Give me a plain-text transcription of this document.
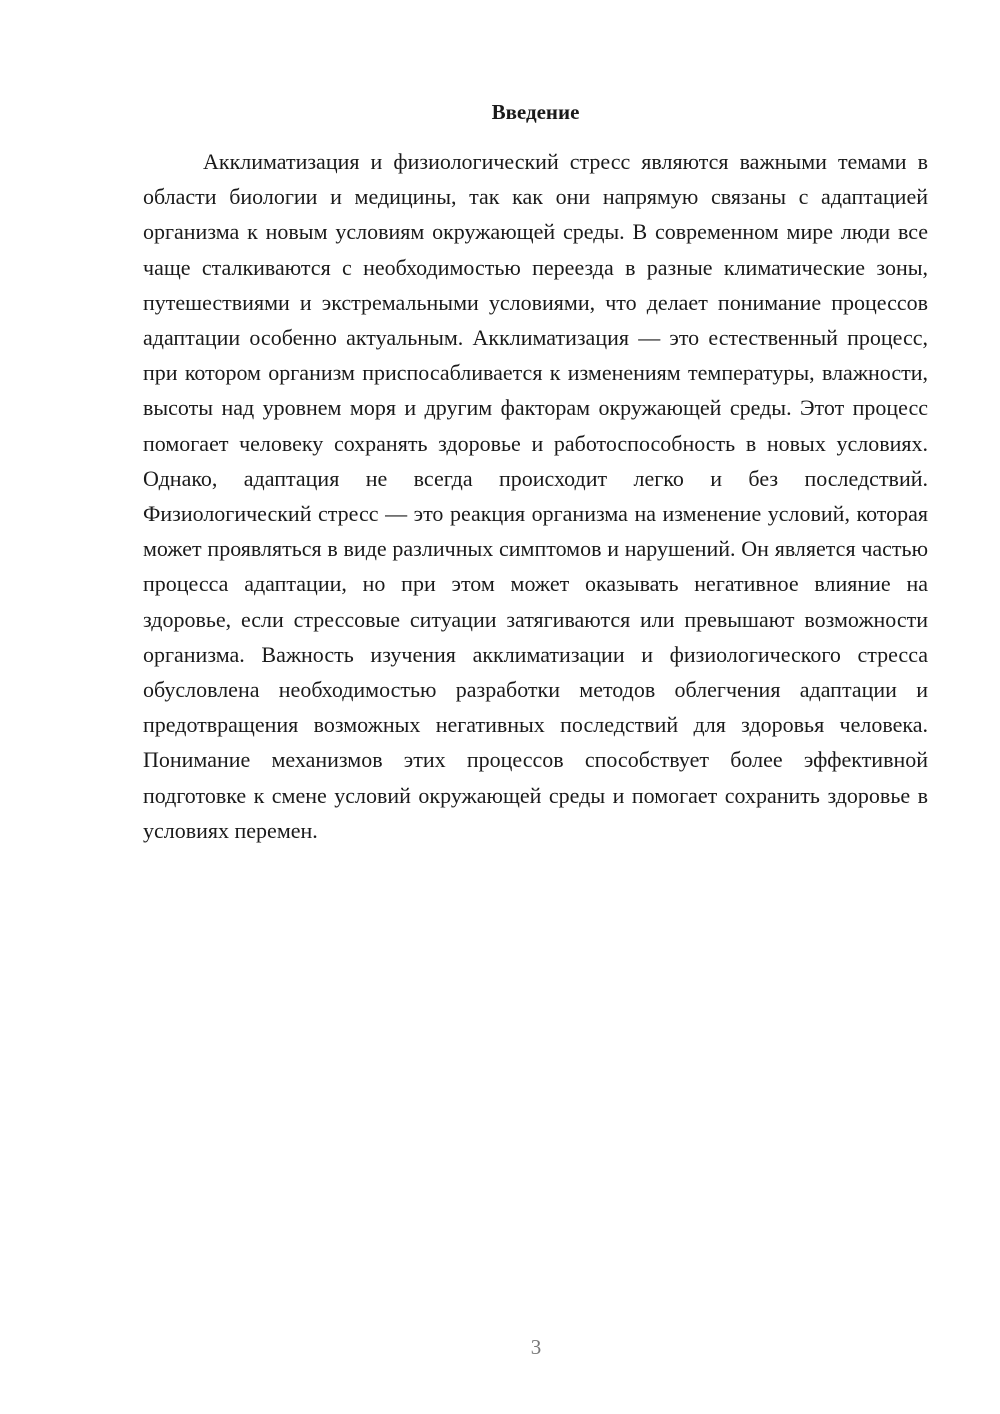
Введение

Акклиматизация и физиологический стресс являются важными темами в области биологии и медицины, так как они напрямую связаны с адаптацией организма к новым условиям окружающей среды. В современном мире люди все чаще сталкиваются с необходимостью переезда в разные климатические зоны, путешествиями и экстремальными условиями, что делает понимание процессов адаптации особенно актуальным. Акклиматизация — это естественный процесс, при котором организм приспосабливается к изменениям температуры, влажности, высоты над уровнем моря и другим факторам окружающей среды. Этот процесс помогает человеку сохранять здоровье и работоспособность в новых условиях. Однако, адаптация не всегда происходит легко и без последствий. Физиологический стресс — это реакция организма на изменение условий, которая может проявляться в виде различных симптомов и нарушений. Он является частью процесса адаптации, но при этом может оказывать негативное влияние на здоровье, если стрессовые ситуации затягиваются или превышают возможности организма. Важность изучения акклиматизации и физиологического стресса обусловлена необходимостью разработки методов облегчения адаптации и предотвращения возможных негативных последствий для здоровья человека. Понимание механизмов этих процессов способствует более эффективной подготовке к смене условий окружающей среды и помогает сохранить здоровье в условиях перемен.

3
